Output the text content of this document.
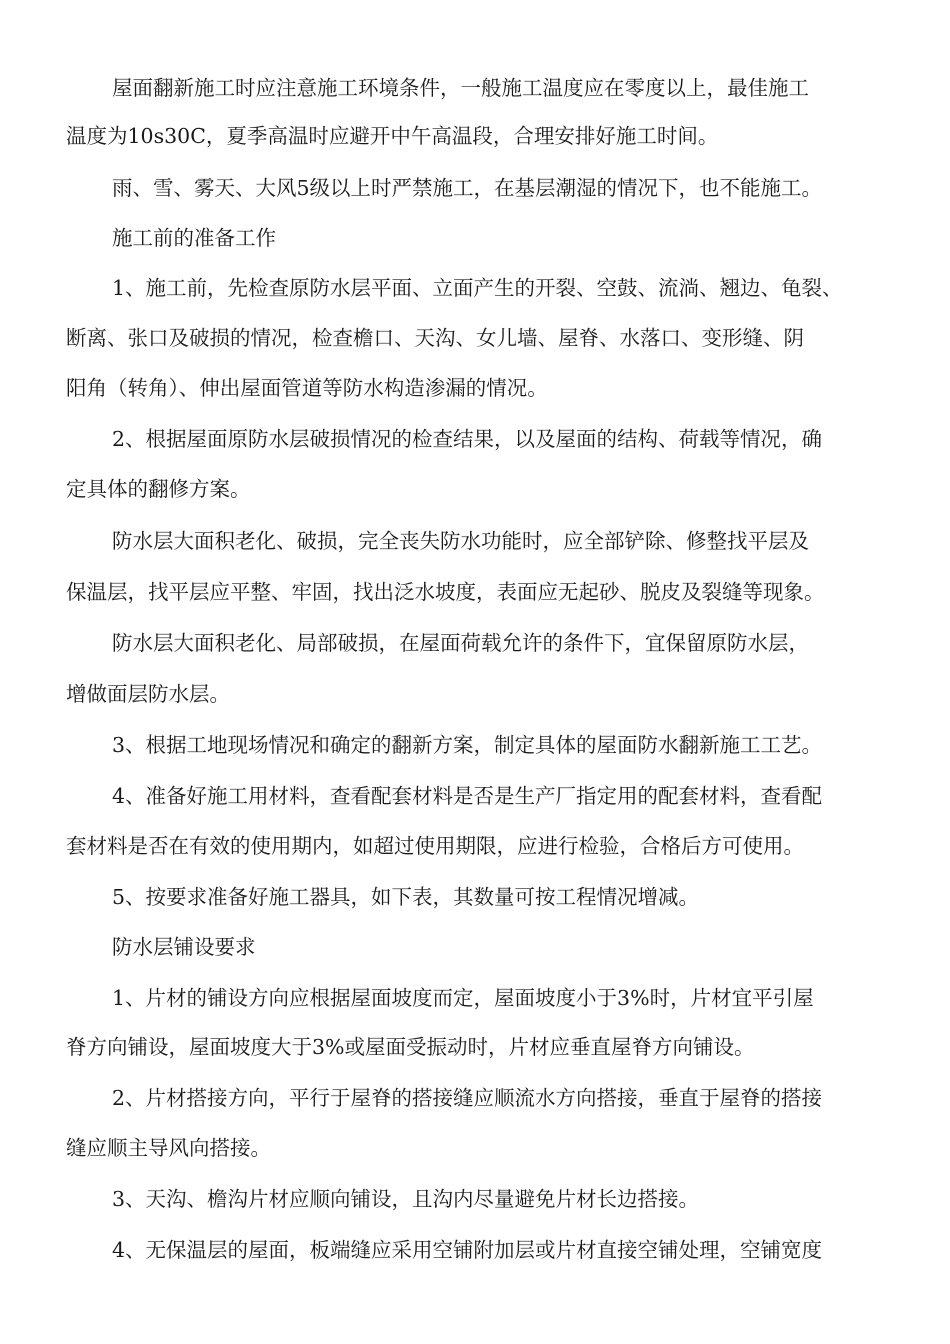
屋面翻新施工时应注意施工环境条件，一般施工温度应在零度以上，最佳施工
温度为10s30C，夏季高温时应避开中午高温段，合理安排好施工时间。
雨、雪、雾天、大风5级以上时严禁施工，在基层潮湿的情况下，也不能施工。
施工前的准备工作
1、施工前，先检查原防水层平面、立面产生的开裂、空鼓、流淌、翘边、龟裂、
断离、张口及破损的情况，检查檐口、天沟、女儿墙、屋脊、水落口、变形缝、阴
阳角（转角）、伸出屋面管道等防水构造渗漏的情况。
2、根据屋面原防水层破损情况的检查结果，以及屋面的结构、荷载等情况，确
定具体的翻修方案。
防水层大面积老化、破损，完全丧失防水功能时，应全部铲除、修整找平层及
保温层，找平层应平整、牢固，找出泛水坡度，表面应无起砂、脱皮及裂缝等现象。
防水层大面积老化、局部破损，在屋面荷载允许的条件下，宜保留原防水层，
增做面层防水层。
3、根据工地现场情况和确定的翻新方案，制定具体的屋面防水翻新施工工艺。
4、准备好施工用材料，查看配套材料是否是生产厂指定用的配套材料，查看配
套材料是否在有效的使用期内，如超过使用期限，应进行检验，合格后方可使用。
5、按要求准备好施工器具，如下表，其数量可按工程情况增减。
防水层铺设要求
1、片材的铺设方向应根据屋面坡度而定，屋面坡度小于3%时，片材宜平引屋
脊方向铺设，屋面坡度大于3%或屋面受振动时，片材应垂直屋脊方向铺设。
2、片材搭接方向，平行于屋脊的搭接缝应顺流水方向搭接，垂直于屋脊的搭接
缝应顺主导风向搭接。
3、天沟、檐沟片材应顺向铺设，且沟内尽量避免片材长边搭接。
4、无保温层的屋面，板端缝应采用空铺附加层或片材直接空铺处理，空铺宽度
